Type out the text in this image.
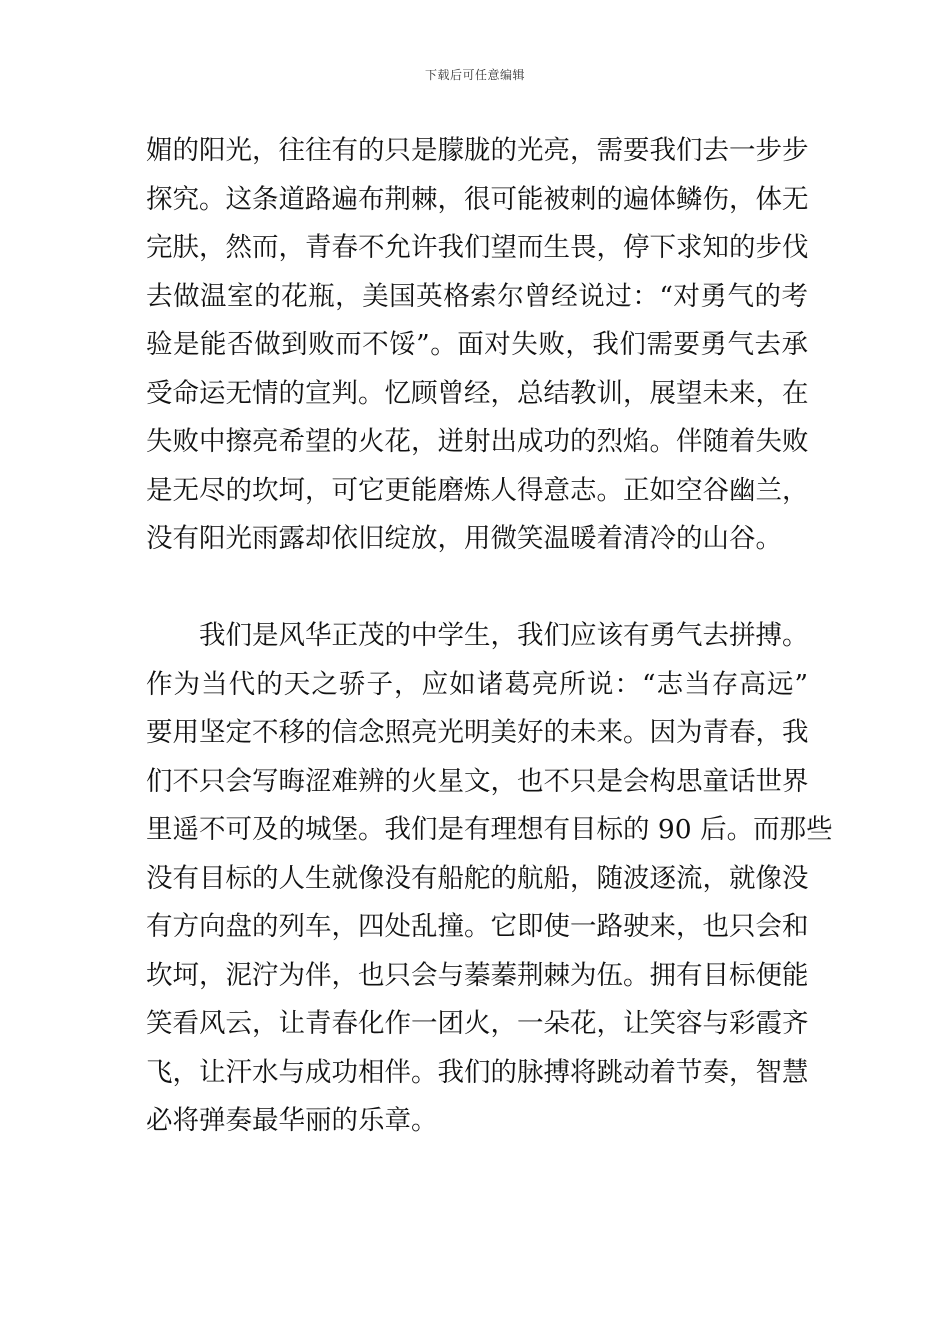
下载后可任意编辑
媚的阳光，往往有的只是朦胧的光亮，需要我们去一步步
探究。这条道路遍布荆棘，很可能被刺的遍体鳞伤，体无
完肤，然而，青春不允许我们望而生畏，停下求知的步伐
去做温室的花瓶，美国英格索尔曾经说过：“对勇气的考
验是能否做到败而不馁”。面对失败，我们需要勇气去承
受命运无情的宣判。忆顾曾经，总结教训，展望未来，在
失败中擦亮希望的火花，迸射出成功的烈焰。伴随着失败
是无尽的坎坷，可它更能磨炼人得意志。正如空谷幽兰，
没有阳光雨露却依旧绽放，用微笑温暖着清冷的山谷。
我们是风华正茂的中学生，我们应该有勇气去拼搏。
作为当代的天之骄子，应如诸葛亮所说：“志当存高远”
要用坚定不移的信念照亮光明美好的未来。因为青春，我
们不只会写晦涩难辨的火星文，也不只是会构思童话世界
里遥不可及的城堡。我们是有理想有目标的 90 后。而那些
没有目标的人生就像没有船舵的航船，随波逐流，就像没
有方向盘的列车，四处乱撞。它即使一路驶来，也只会和
坎坷，泥泞为伴，也只会与蓁蓁荆棘为伍。拥有目标便能
笑看风云，让青春化作一团火，一朵花，让笑容与彩霞齐
飞，让汗水与成功相伴。我们的脉搏将跳动着节奏，智慧
必将弹奏最华丽的乐章。
